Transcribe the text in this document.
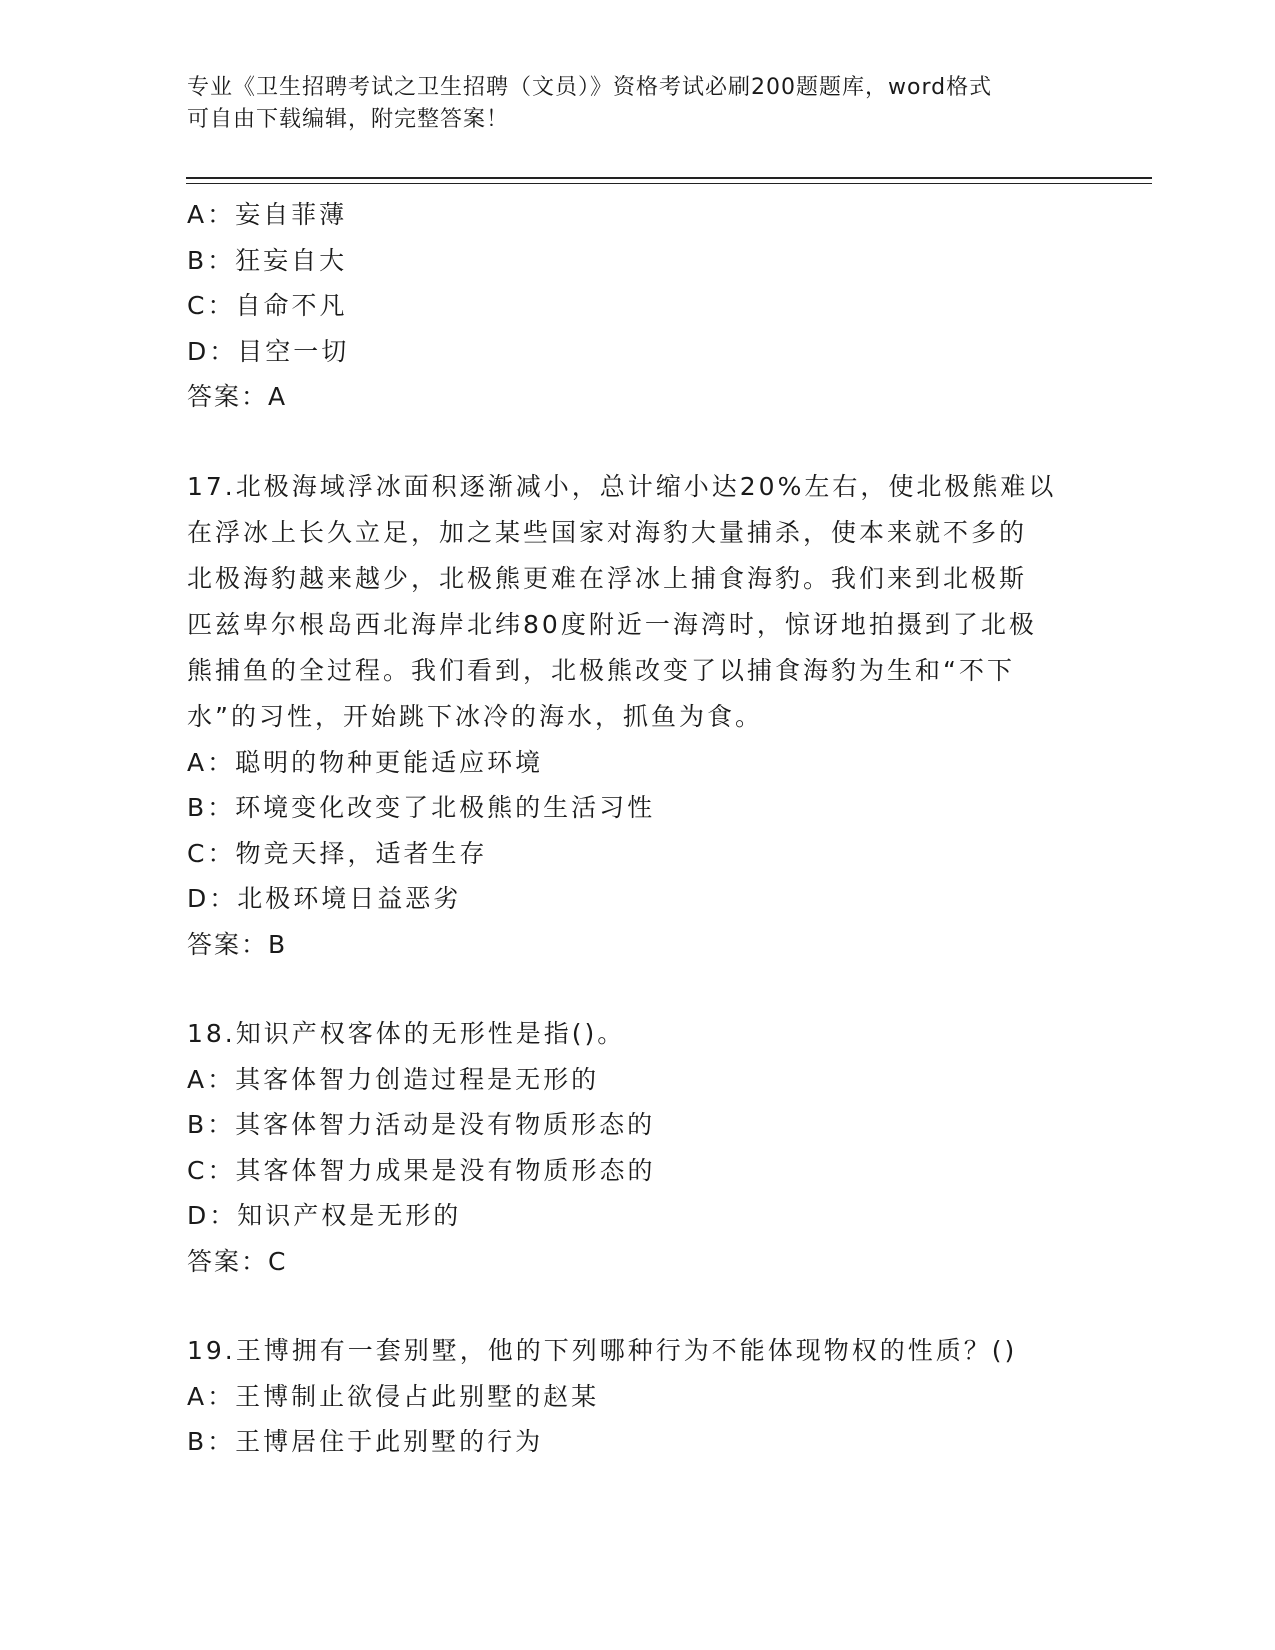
专业《卫生招聘考试之卫生招聘（文员）》资格考试必刷200题题库，word格式
可自由下载编辑，附完整答案！
A：妄自菲薄
B：狂妄自大
C：自命不凡
D：目空一切
答案：A
17.北极海域浮冰面积逐渐减小，总计缩小达20%左右，使北极熊难以
在浮冰上长久立足，加之某些国家对海豹大量捕杀，使本来就不多的
北极海豹越来越少，北极熊更难在浮冰上捕食海豹。我们来到北极斯
匹兹卑尔根岛西北海岸北纬80度附近一海湾时，惊讶地拍摄到了北极
熊捕鱼的全过程。我们看到，北极熊改变了以捕食海豹为生和“不下
水”的习性，开始跳下冰冷的海水，抓鱼为食。
A：聪明的物种更能适应环境
B：环境变化改变了北极熊的生活习性
C：物竞天择，适者生存
D：北极环境日益恶劣
答案：B
18.知识产权客体的无形性是指()。
A：其客体智力创造过程是无形的
B：其客体智力活动是没有物质形态的
C：其客体智力成果是没有物质形态的
D：知识产权是无形的
答案：C
19.王博拥有一套别墅，他的下列哪种行为不能体现物权的性质？()
A：王博制止欲侵占此别墅的赵某
B：王博居住于此别墅的行为
